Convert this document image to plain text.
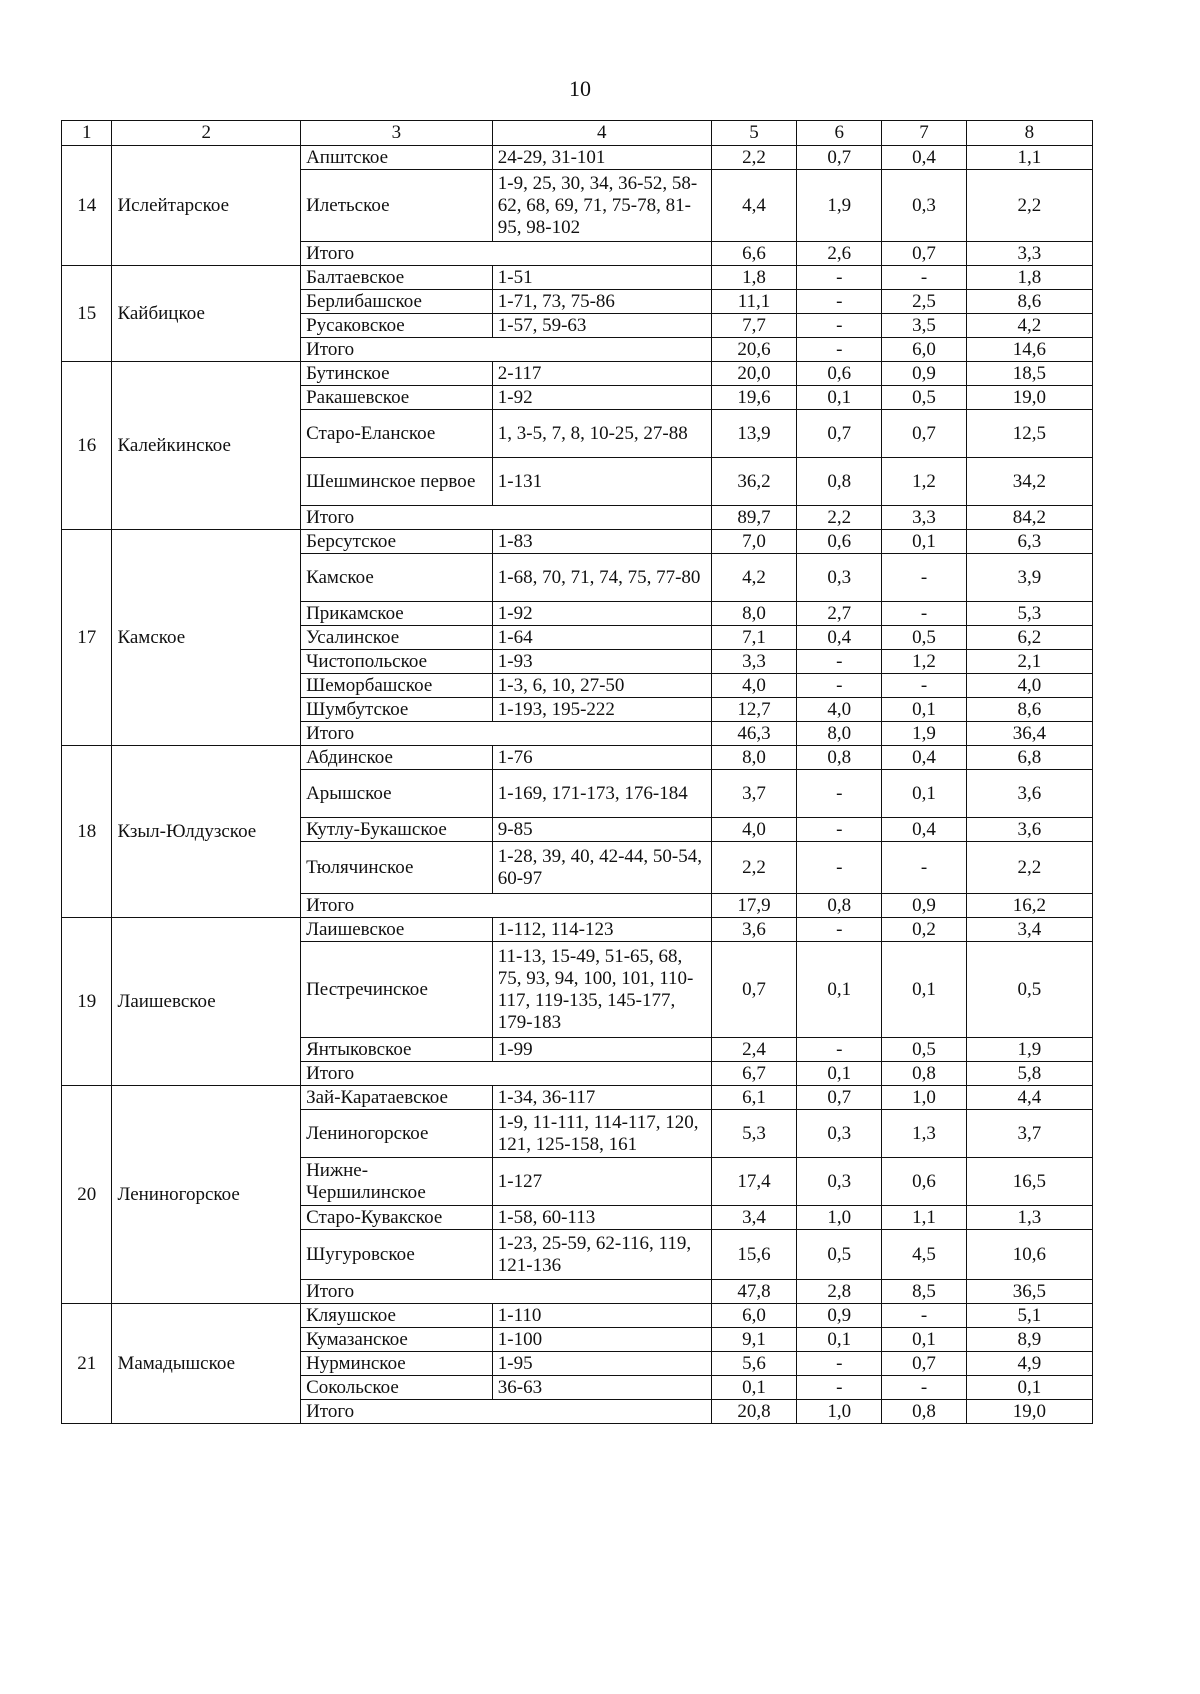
10
1	2	3	4	5	6	7	8
14	Ислейтарское	Апштское	24-29, 31-101	2,2	0,7	0,4	1,1
		Илетьское	1-9, 25, 30, 34, 36-52, 58-62, 68, 69, 71, 75-78, 81-95, 98-102	4,4	1,9	0,3	2,2
		Итого		6,6	2,6	0,7	3,3
15	Кайбицкое	Балтаевское	1-51	1,8	-	-	1,8
		Берлибашское	1-71, 73, 75-86	11,1	-	2,5	8,6
		Русаковское	1-57, 59-63	7,7	-	3,5	4,2
		Итого		20,6	-	6,0	14,6
16	Калейкинское	Бутинское	2-117	20,0	0,6	0,9	18,5
		Ракашевское	1-92	19,6	0,1	0,5	19,0
		Старо-Еланское	1, 3-5, 7, 8, 10-25, 27-88	13,9	0,7	0,7	12,5
		Шешминское первое	1-131	36,2	0,8	1,2	34,2
		Итого		89,7	2,2	3,3	84,2
17	Камское	Берсутское	1-83	7,0	0,6	0,1	6,3
		Камское	1-68, 70, 71, 74, 75, 77-80	4,2	0,3	-	3,9
		Прикамское	1-92	8,0	2,7	-	5,3
		Усалинское	1-64	7,1	0,4	0,5	6,2
		Чистопольское	1-93	3,3	-	1,2	2,1
		Шеморбашское	1-3, 6, 10, 27-50	4,0	-	-	4,0
		Шумбутское	1-193, 195-222	12,7	4,0	0,1	8,6
		Итого		46,3	8,0	1,9	36,4
18	Кзыл-Юлдузское	Абдинское	1-76	8,0	0,8	0,4	6,8
		Арышское	1-169, 171-173, 176-184	3,7	-	0,1	3,6
		Кутлу-Букашское	9-85	4,0	-	0,4	3,6
		Тюлячинское	1-28, 39, 40, 42-44, 50-54, 60-97	2,2	-	-	2,2
		Итого		17,9	0,8	0,9	16,2
19	Лаишевское	Лаишевское	1-112, 114-123	3,6	-	0,2	3,4
		Пестречинское	11-13, 15-49, 51-65, 68, 75, 93, 94, 100, 101, 110-117, 119-135, 145-177, 179-183	0,7	0,1	0,1	0,5
		Янтыковское	1-99	2,4	-	0,5	1,9
		Итого		6,7	0,1	0,8	5,8
20	Лениногорское	Зай-Каратаевское	1-34, 36-117	6,1	0,7	1,0	4,4
		Лениногорское	1-9, 11-111, 114-117, 120, 121, 125-158, 161	5,3	0,3	1,3	3,7
		Нижне-Чершилинское	1-127	17,4	0,3	0,6	16,5
		Старо-Кувакское	1-58, 60-113	3,4	1,0	1,1	1,3
		Шугуровское	1-23, 25-59, 62-116, 119, 121-136	15,6	0,5	4,5	10,6
		Итого		47,8	2,8	8,5	36,5
21	Мамадышское	Кляушское	1-110	6,0	0,9	-	5,1
		Кумазанское	1-100	9,1	0,1	0,1	8,9
		Нурминское	1-95	5,6	-	0,7	4,9
		Сокольское	36-63	0,1	-	-	0,1
		Итого		20,8	1,0	0,8	19,0
